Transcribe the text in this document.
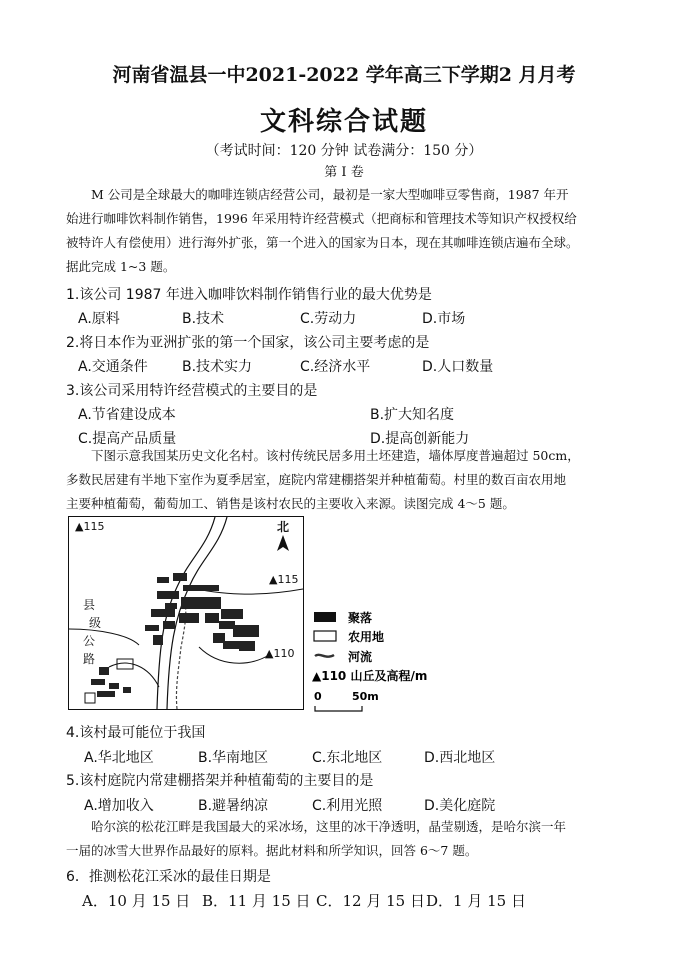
河南省温县一中2021-2022 学年高三下学期2 月月考
文科综合试题
（考试时间：120 分钟 试卷满分：150 分）
第 Ⅰ 卷
M 公司是全球最大的咖啡连锁店经营公司，最初是一家大型咖啡豆零售商，1987 年开
始进行咖啡饮料制作销售，1996 年采用特许经营模式（把商标和管理技术等知识产权授权给
被特许人有偿使用）进行海外扩张，第一个进入的国家为日本，现在其咖啡连锁店遍布全球。
据此完成 1~3 题。
1.该公司 1987 年进入咖啡饮料制作销售行业的最大优势是
A.原料	B.技术	C.劳动力	D.市场
2.将日本作为亚洲扩张的第一个国家，该公司主要考虑的是
A.交通条件 B.技术实力	C.经济水平	D.人口数量
3.该公司采用特许经营模式的主要目的是
A.节省建设成本	B.扩大知名度
C.提高产品质量	D.提高创新能力
下图示意我国某历史文化名村。该村传统民居多用土坯建造，墙体厚度普遍超过 50cm，
多数民居建有半地下室作为夏季居室，庭院内常建棚搭架并种植葡萄。村里的数百亩农用地
主要种植葡萄，葡萄加工、销售是该村农民的主要收入来源。读图完成 4～5 题。
▲115
▲115
▲110
北
县
级
公
路
聚落
农用地
河流
▲110 山丘及高程/m
0	50m
4.该村最可能位于我国
A.华北地区	B.华南地区	C.东北地区	D.西北地区
5.该村庭院内常建棚搭架并种植葡萄的主要目的是
A.增加收入	B.避暑纳凉	C.利用光照	D.美化庭院
哈尔滨的松花江畔是我国最大的采冰场，这里的冰干净透明，晶莹剔透，是哈尔滨一年
一届的冰雪大世界作品最好的原料。据此材料和所学知识，回答 6～7 题。
6．推测松花江采冰的最佳日期是
A．10 月 15 日 B．11 月 15 日 C．12 月 15 日 D．1 月 15 日
